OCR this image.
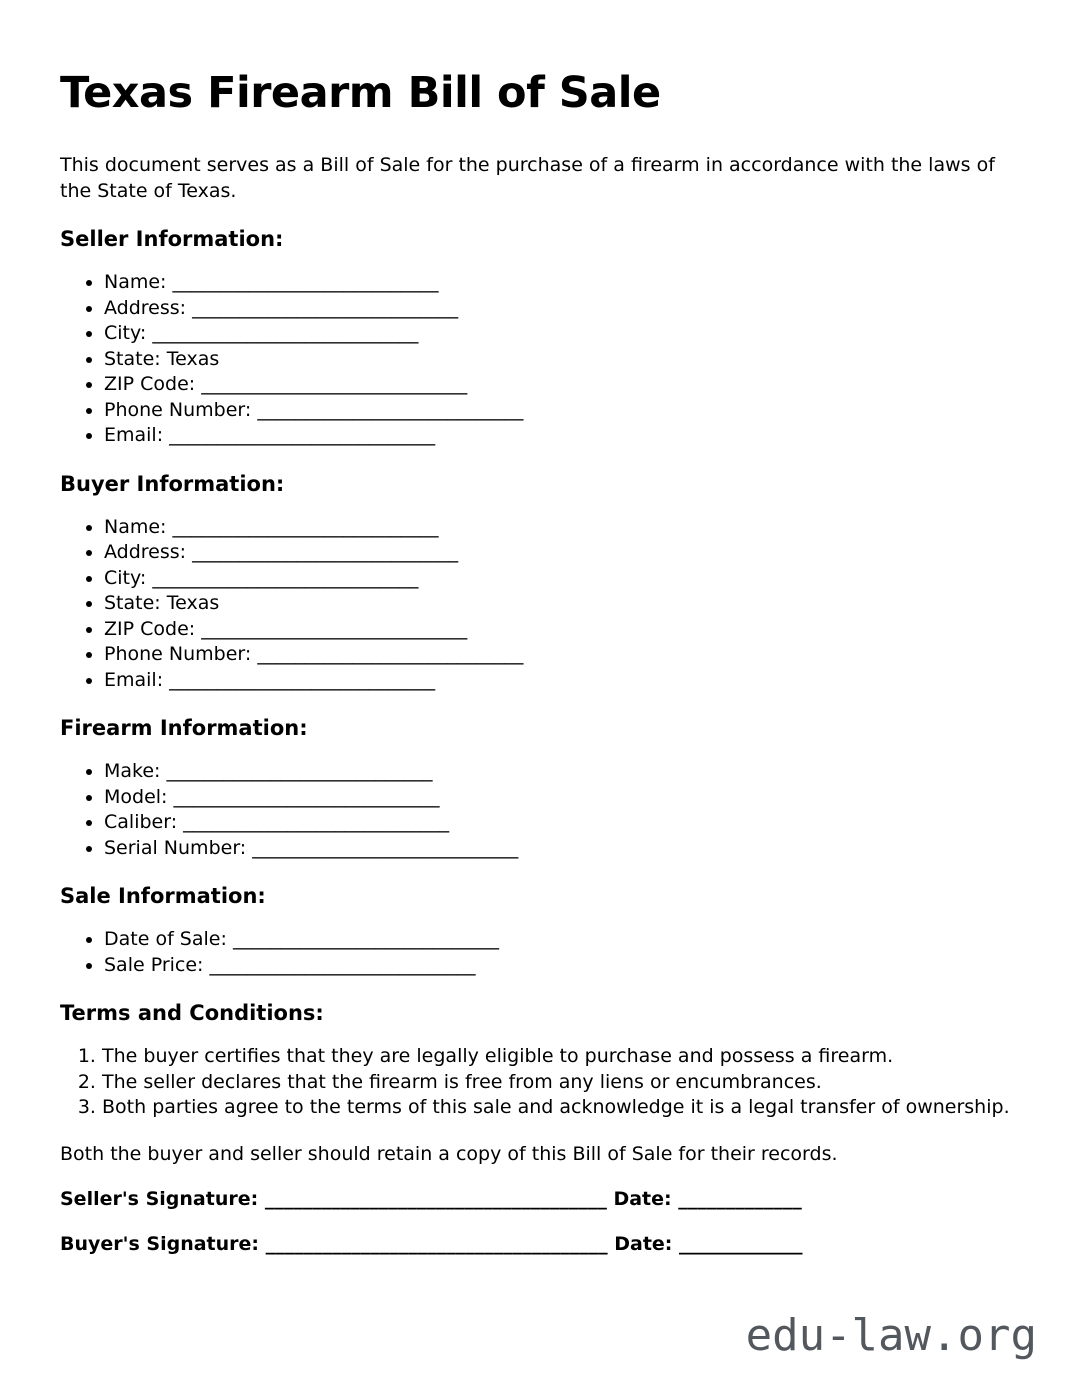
Texas Firearm Bill of Sale

This document serves as a Bill of Sale for the purchase of a firearm in accordance with the laws of the State of Texas.

Seller Information:
• Name: ____________________________
• Address: ____________________________
• City: ____________________________
• State: Texas
• ZIP Code: ____________________________
• Phone Number: ____________________________
• Email: ____________________________
Buyer Information:
• Name: ____________________________
• Address: ____________________________
• City: ____________________________
• State: Texas
• ZIP Code: ____________________________
• Phone Number: ____________________________
• Email: ____________________________
Firearm Information:
• Make: ____________________________
• Model: ____________________________
• Caliber: ____________________________
• Serial Number: ____________________________
Sale Information:
• Date of Sale: ____________________________
• Sale Price: ____________________________
Terms and Conditions:
1. The buyer certifies that they are legally eligible to purchase and possess a firearm.
2. The seller declares that the firearm is free from any liens or encumbrances.
3. Both parties agree to the terms of this sale and acknowledge it is a legal transfer of ownership.

Both the buyer and seller should retain a copy of this Bill of Sale for their records.

Seller's Signature: ____________________________________ Date: _____________

Buyer's Signature: ____________________________________ Date: _____________

edu-law.org
